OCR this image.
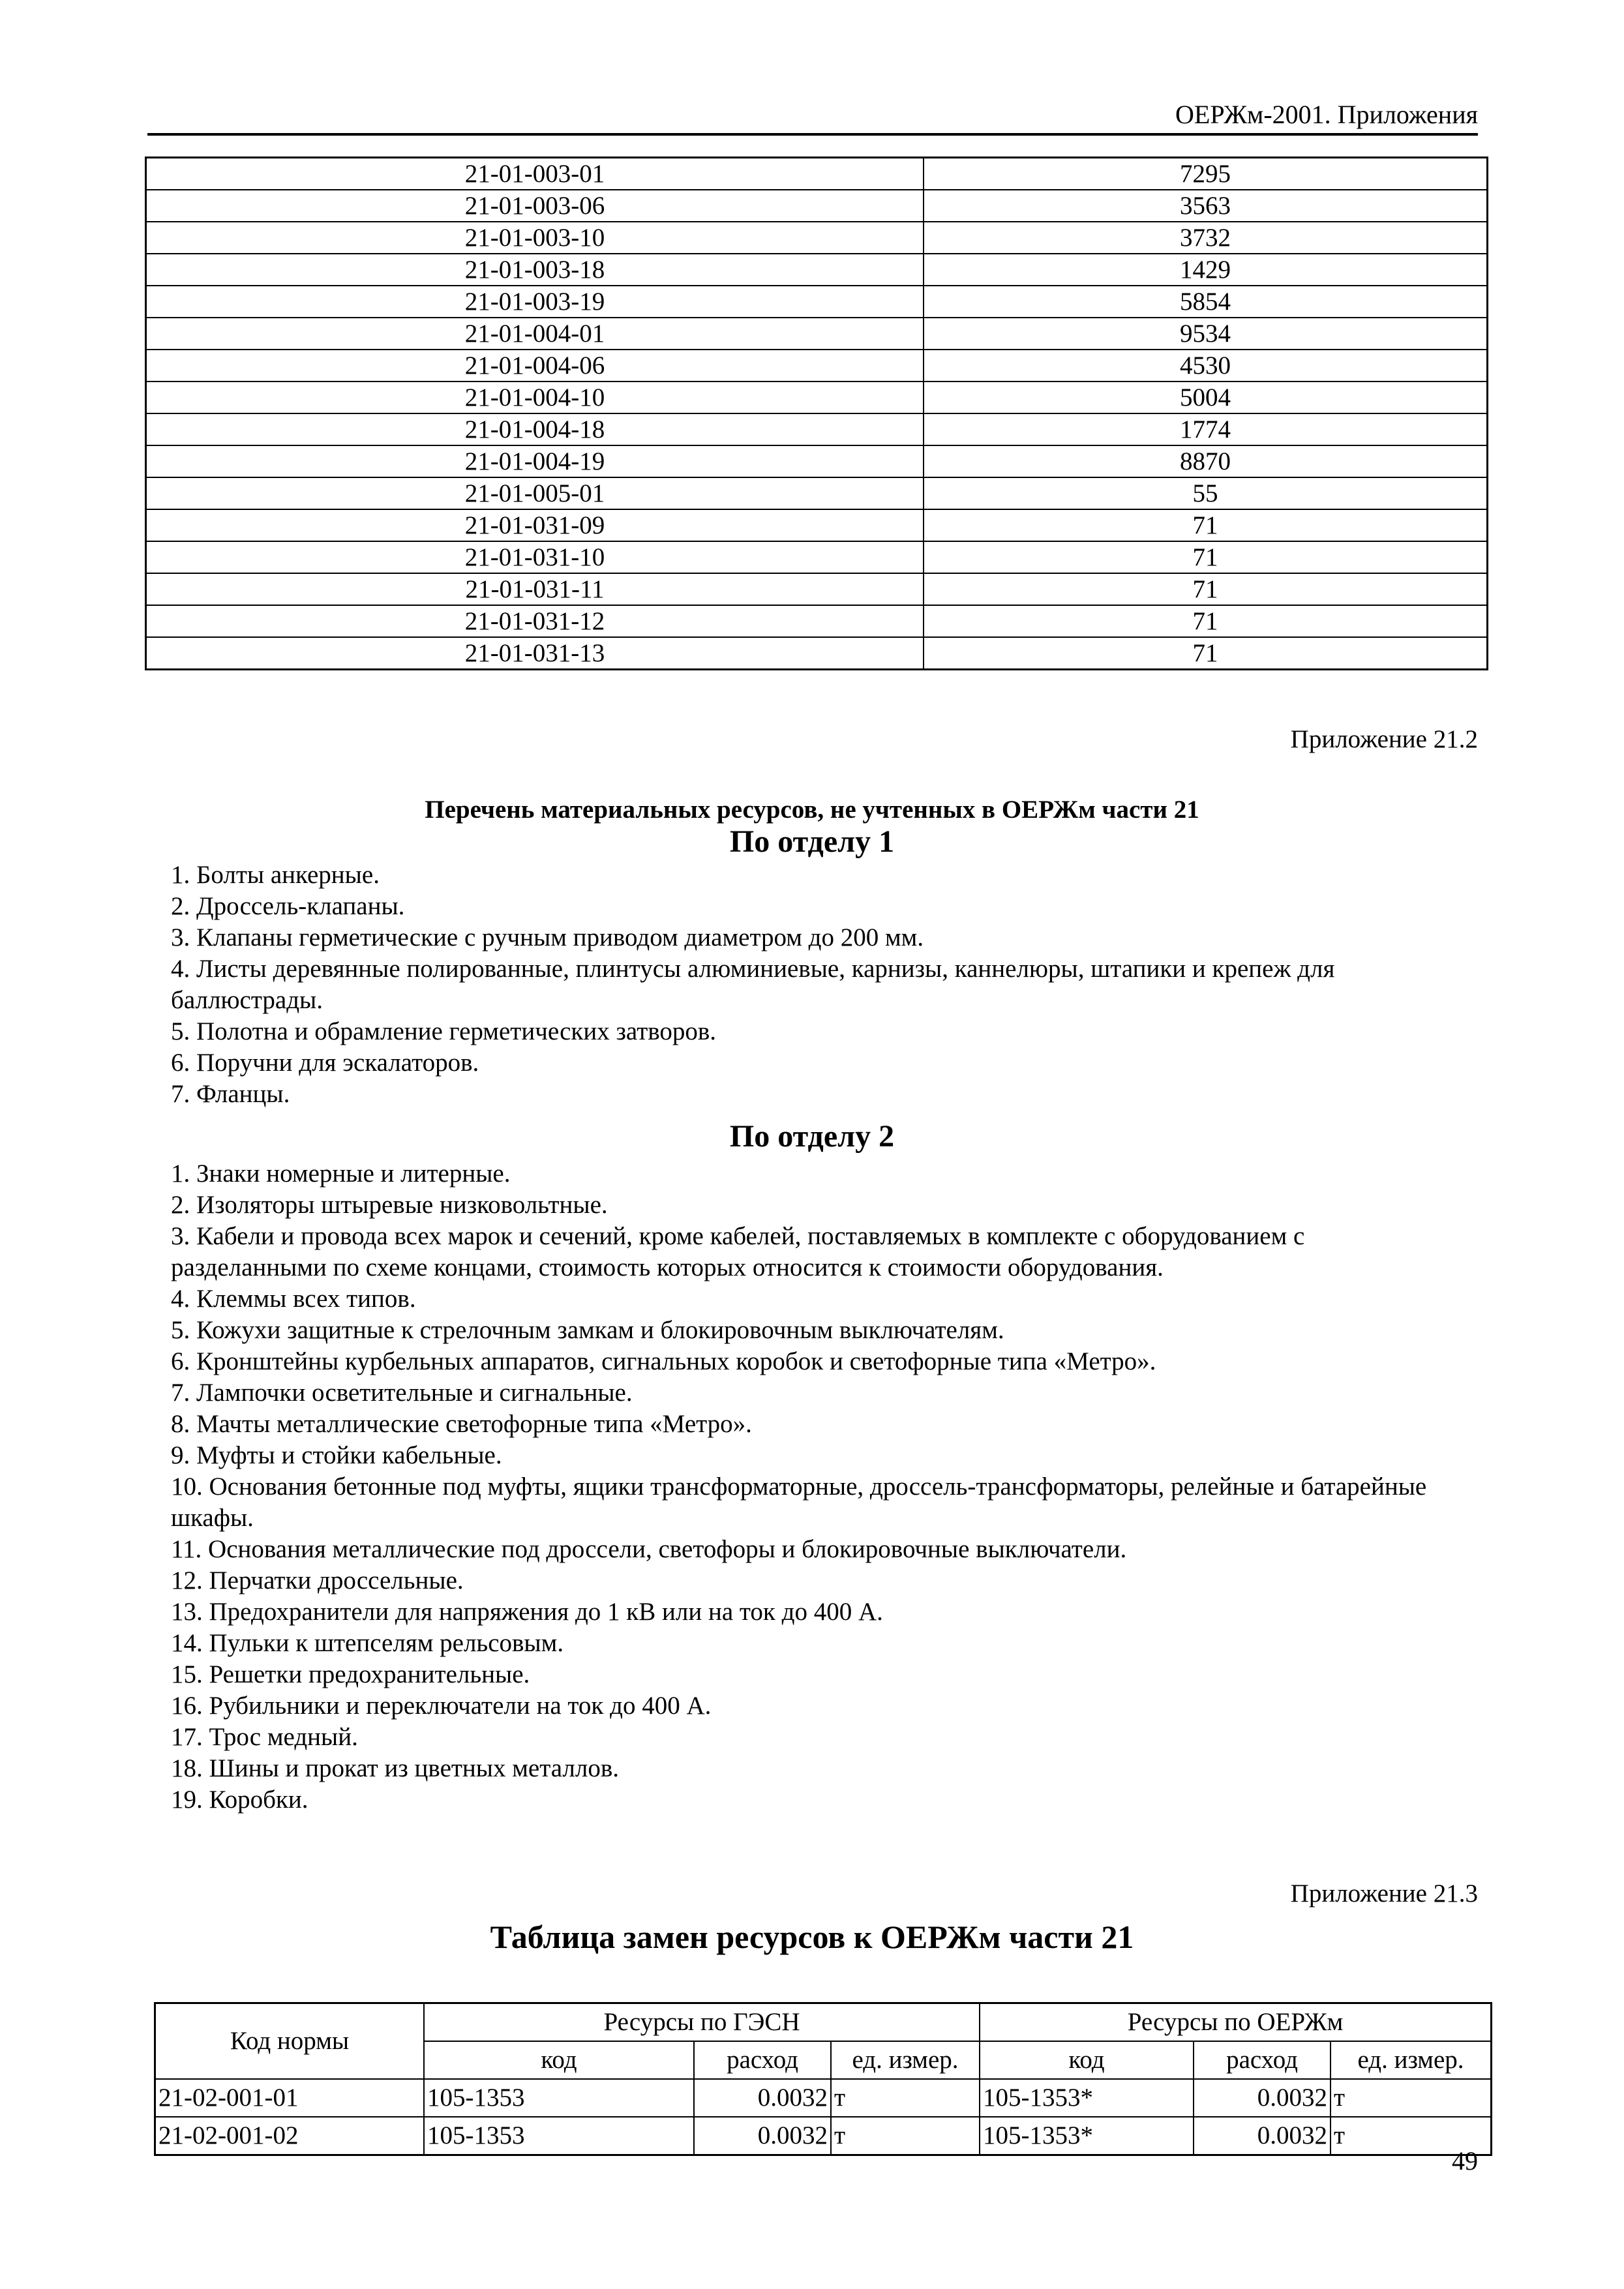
ОЕРЖм-2001. Приложения
21-01-003-01	7295
21-01-003-06	3563
21-01-003-10	3732
21-01-003-18	1429
21-01-003-19	5854
21-01-004-01	9534
21-01-004-06	4530
21-01-004-10	5004
21-01-004-18	1774
21-01-004-19	8870
21-01-005-01	55
21-01-031-09	71
21-01-031-10	71
21-01-031-11	71
21-01-031-12	71
21-01-031-13	71
Приложение 21.2
Перечень материальных ресурсов, не учтенных в ОЕРЖм части 21
По отделу 1
1. Болты анкерные.
2. Дроссель-клапаны.
3. Клапаны герметические с ручным приводом диаметром до 200 мм.
4. Листы деревянные полированные, плинтусы алюминиевые, карнизы, каннелюры, штапики и крепеж для баллюстрады.
5. Полотна и обрамление герметических затворов.
6. Поручни для эскалаторов.
7. Фланцы.
По отделу 2
1. Знаки номерные и литерные.
2. Изоляторы штыревые низковольтные.
3. Кабели и провода всех марок и сечений, кроме кабелей, поставляемых в комплекте с оборудованием с разделанными по схеме концами, стоимость которых относится к стоимости оборудования.
4. Клеммы всех типов.
5. Кожухи защитные к стрелочным замкам и блокировочным выключателям.
6. Кронштейны курбельных аппаратов, сигнальных коробок и светофорные типа «Метро».
7. Лампочки осветительные и сигнальные.
8. Мачты металлические светофорные типа «Метро».
9. Муфты и стойки кабельные.
10. Основания бетонные под муфты, ящики трансформаторные, дроссель-трансформаторы, релейные и батарейные шкафы.
11. Основания металлические под дроссели, светофоры и блокировочные выключатели.
12. Перчатки дроссельные.
13. Предохранители для напряжения до 1 кВ или на ток до 400 А.
14. Пульки к штепселям рельсовым.
15. Решетки предохранительные.
16. Рубильники и переключатели на ток до 400 А.
17. Трос медный.
18. Шины и прокат из цветных металлов.
19. Коробки.
Приложение 21.3
Таблица замен ресурсов к ОЕРЖм части 21
Код нормы	Ресурсы по ГЭСН			Ресурсы по ОЕРЖм		
	код	расход	ед. измер.	код	расход	ед. измер.
21-02-001-01	105-1353	0.0032	т	105-1353*	0.0032	т
21-02-001-02	105-1353	0.0032	т	105-1353*	0.0032	т
49
